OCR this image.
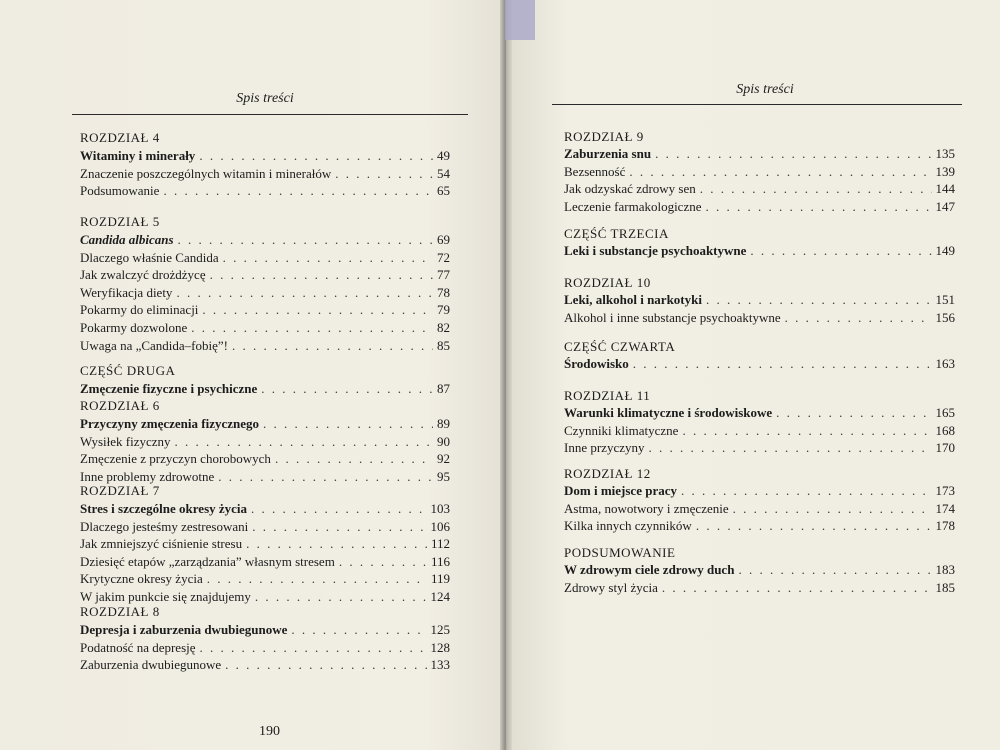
Spis treści
Spis treści
190
ROZDZIAŁ 4
Witaminy i minerały . . .	49
Znaczenie poszczególnych witamin i minerałów . . .	54
Podsumowanie . . .	65
ROZDZIAŁ 5
Candida albicans . . .	69
Dlaczego właśnie Candida . . .	72
Jak zwalczyć drożdżycę . . .	77
Weryfikacja diety . . .	78
Pokarmy do eliminacji . . .	79
Pokarmy dozwolone . . .	82
Uwaga na „Candida–fobię”! . . .	85
CZĘŚĆ DRUGA
Zmęczenie fizyczne i psychiczne . . .	87
ROZDZIAŁ 6
Przyczyny zmęczenia fizycznego . . .	89
Wysiłek fizyczny . . .	90
Zmęczenie z przyczyn chorobowych . . .	92
Inne problemy zdrowotne . . .	95
ROZDZIAŁ 7
Stres i szczególne okresy życia . . .	103
Dlaczego jesteśmy zestresowani . . .	106
Jak zmniejszyć ciśnienie stresu . . .	112
Dziesięć etapów „zarządzania” własnym stresem . . .	116
Krytyczne okresy życia . . .	119
W jakim punkcie się znajdujemy . . .	124
ROZDZIAŁ 8
Depresja i zaburzenia dwubiegunowe . . .	125
Podatność na depresję . . .	128
Zaburzenia dwubiegunowe . . .	133
ROZDZIAŁ 9
Zaburzenia snu . . .	135
Bezsenność . . .	139
Jak odzyskać zdrowy sen . . .	144
Leczenie farmakologiczne . . .	147
CZĘŚĆ TRZECIA
Leki i substancje psychoaktywne . . .	149
ROZDZIAŁ 10
Leki, alkohol i narkotyki . . .	151
Alkohol i inne substancje psychoaktywne . . .	156
CZĘŚĆ CZWARTA
Środowisko . . .	163
ROZDZIAŁ 11
Warunki klimatyczne i środowiskowe . . .	165
Czynniki klimatyczne . . .	168
Inne przyczyny . . .	170
ROZDZIAŁ 12
Dom i miejsce pracy . . .	173
Astma, nowotwory i zmęczenie . . .	174
Kilka innych czynników . . .	178
PODSUMOWANIE
W zdrowym ciele zdrowy duch . . .	183
Zdrowy styl życia . . .	185
